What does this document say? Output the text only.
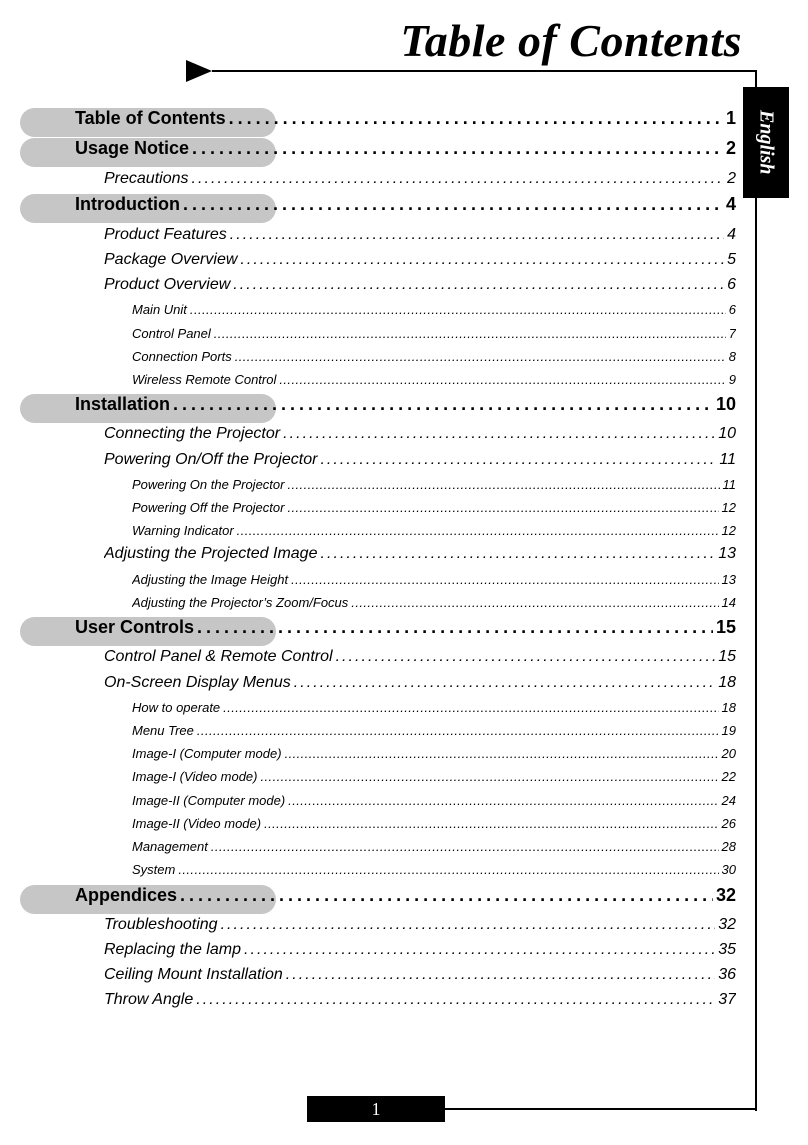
Table of Contents
English
Table of Contents . . .	1
Usage Notice . . .	2
Precautions . . .	2
Introduction . . .	4
Product Features . . .	4
Package Overview . . .	5
Product Overview . . .	6
Main Unit . . .	6
Control Panel . . .	7
Connection Ports . . .	8
Wireless Remote Control . . .	9
Installation . . .	10
Connecting the Projector . . .	10
Powering On/Off the Projector . . .	11
Powering On the Projector . . .	11
Powering Off the Projector . . .	12
Warning Indicator . . .	12
Adjusting the Projected Image . . .	13
Adjusting the Image Height . . .	13
Adjusting the Projector’s Zoom/Focus . . .	14
User Controls . . .	15
Control Panel & Remote Control . . .	15
On-Screen Display Menus . . .	18
How to operate . . .	18
Menu Tree . . .	19
Image-I (Computer mode) . . .	20
Image-I (Video mode) . . .	22
Image-II (Computer mode) . . .	24
Image-II (Video mode) . . .	26
Management . . .	28
System . . .	30
Appendices . . .	32
Troubleshooting . . .	32
Replacing the lamp . . .	35
Ceiling Mount Installation . . .	36
Throw Angle . . .	37
1
